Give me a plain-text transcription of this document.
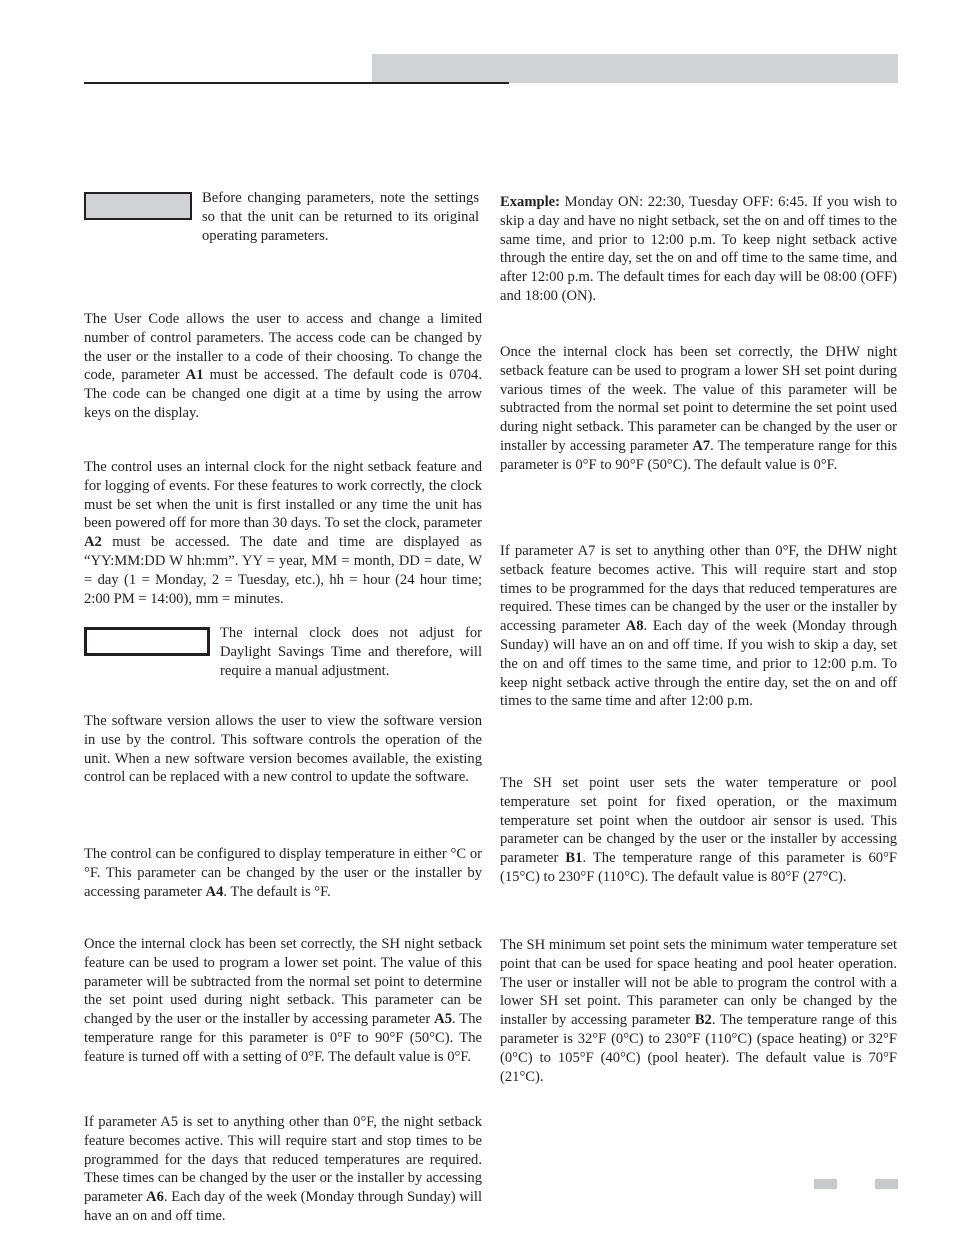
Before changing parameters, note the settings so that the unit can be returned to its original operating parameters.

The User Code allows the user to access and change a limited number of control parameters. The access code can be changed by the user or the installer to a code of their choosing. To change the code, parameter A1 must be accessed. The default code is 0704. The code can be changed one digit at a time by using the arrow keys on the display.

The control uses an internal clock for the night setback feature and for logging of events. For these features to work correctly, the clock must be set when the unit is first installed or any time the unit has been powered off for more than 30 days. To set the clock, parameter A2 must be accessed. The date and time are displayed as “YY:MM:DD W hh:mm”. YY = year, MM = month, DD = date, W = day (1 = Monday, 2 = Tuesday, etc.), hh = hour (24 hour time; 2:00 PM = 14:00), mm = minutes.

The internal clock does not adjust for Daylight Savings Time and therefore, will require a manual adjustment.

The software version allows the user to view the software version in use by the control. This software controls the operation of the unit. When a new software version becomes available, the existing control can be replaced with a new control to update the software.

The control can be configured to display temperature in either °C or °F. This parameter can be changed by the user or the installer by accessing parameter A4. The default is °F.

Once the internal clock has been set correctly, the SH night setback feature can be used to program a lower set point. The value of this parameter will be subtracted from the normal set point to determine the set point used during night setback. This parameter can be changed by the user or the installer by accessing parameter A5. The temperature range for this parameter is 0°F to 90°F (50°C). The feature is turned off with a setting of 0°F. The default value is 0°F.

If parameter A5 is set to anything other than 0°F, the night setback feature becomes active. This will require start and stop times to be programmed for the days that reduced temperatures are required. These times can be changed by the user or the installer by accessing parameter A6. Each day of the week (Monday through Sunday) will have an on and off time.

Example: Monday ON: 22:30, Tuesday OFF: 6:45. If you wish to skip a day and have no night setback, set the on and off times to the same time, and prior to 12:00 p.m. To keep night setback active through the entire day, set the on and off time to the same time, and after 12:00 p.m. The default times for each day will be 08:00 (OFF) and 18:00 (ON).

Once the internal clock has been set correctly, the DHW night setback feature can be used to program a lower SH set point during various times of the week. The value of this parameter will be subtracted from the normal set point to determine the set point used during night setback. This parameter can be changed by the user or installer by accessing parameter A7. The temperature range for this parameter is 0°F to 90°F (50°C). The default value is 0°F.

If parameter A7 is set to anything other than 0°F, the DHW night setback feature becomes active. This will require start and stop times to be programmed for the days that reduced temperatures are required. These times can be changed by the user or the installer by accessing parameter A8. Each day of the week (Monday through Sunday) will have an on and off time. If you wish to skip a day, set the on and off times to the same time, and prior to 12:00 p.m. To keep night setback active through the entire day, set the on and off times to the same time and after 12:00 p.m.

The SH set point user sets the water temperature or pool temperature set point for fixed operation, or the maximum temperature set point when the outdoor air sensor is used. This parameter can be changed by the user or the installer by accessing parameter B1. The temperature range of this parameter is 60°F (15°C) to 230°F (110°C). The default value is 80°F (27°C).

The SH minimum set point sets the minimum water temperature set point that can be used for space heating and pool heater operation. The user or installer will not be able to program the control with a lower SH set point. This parameter can only be changed by the installer by accessing parameter B2. The temperature range of this parameter is 32°F (0°C) to 230°F (110°C) (space heating) or 32°F (0°C) to 105°F (40°C) (pool heater). The default value is 70°F (21°C).
